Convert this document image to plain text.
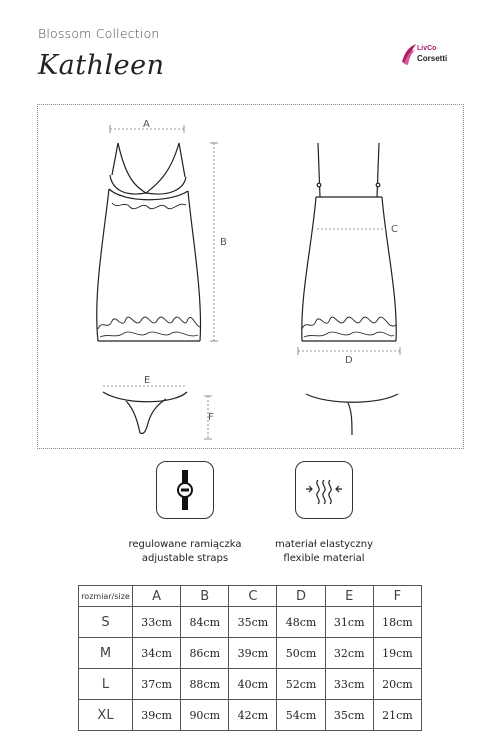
Blossom Collection
Kathleen
LivCo
Corsetti
A
B
C
D
E
F
regulowane ramiączka
adjustable straps
materiał elastyczny
flexible material
rozmiar/size	A	B	C	D	E	F
S	33cm	84cm	35cm	48cm	31cm	18cm
M	34cm	86cm	39cm	50cm	32cm	19cm
L	37cm	88cm	40cm	52cm	33cm	20cm
XL	39cm	90cm	42cm	54cm	35cm	21cm
